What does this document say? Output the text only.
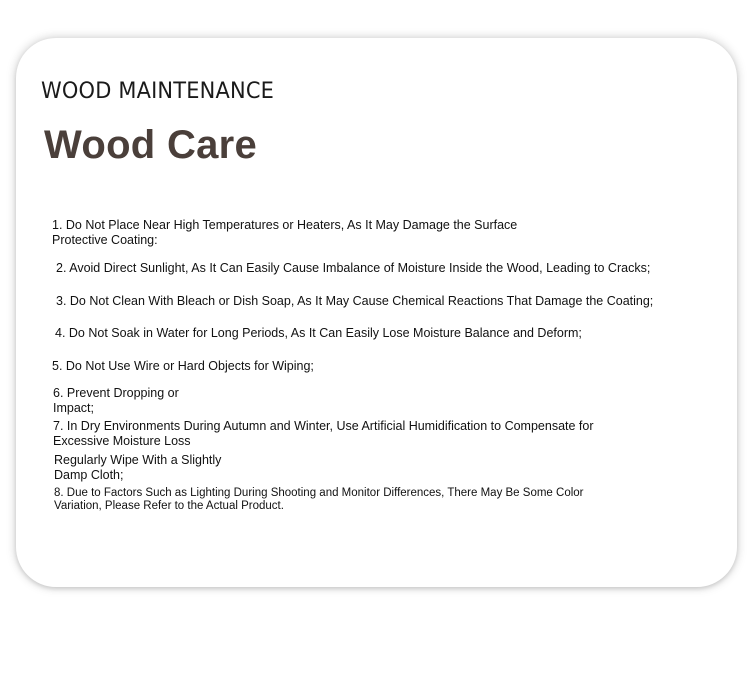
WOOD MAINTENANCE
Wood Care
1. Do Not Place Near High Temperatures or Heaters, As It May Damage the Surface Protective Coating:
2. Avoid Direct Sunlight, As It Can Easily Cause Imbalance of Moisture Inside the Wood, Leading to Cracks;
3. Do Not Clean With Bleach or Dish Soap, As It May Cause Chemical Reactions That Damage the Coating;
4. Do Not Soak in Water for Long Periods, As It Can Easily Lose Moisture Balance and Deform;
5. Do Not Use Wire or Hard Objects for Wiping;
6. Prevent Dropping or Impact;
7. In Dry Environments During Autumn and Winter, Use Artificial Humidification to Compensate for Excessive Moisture Loss
Regularly Wipe With a Slightly Damp Cloth;
8. Due to Factors Such as Lighting During Shooting and Monitor Differences, There May Be Some Color Variation, Please Refer to the Actual Product.
